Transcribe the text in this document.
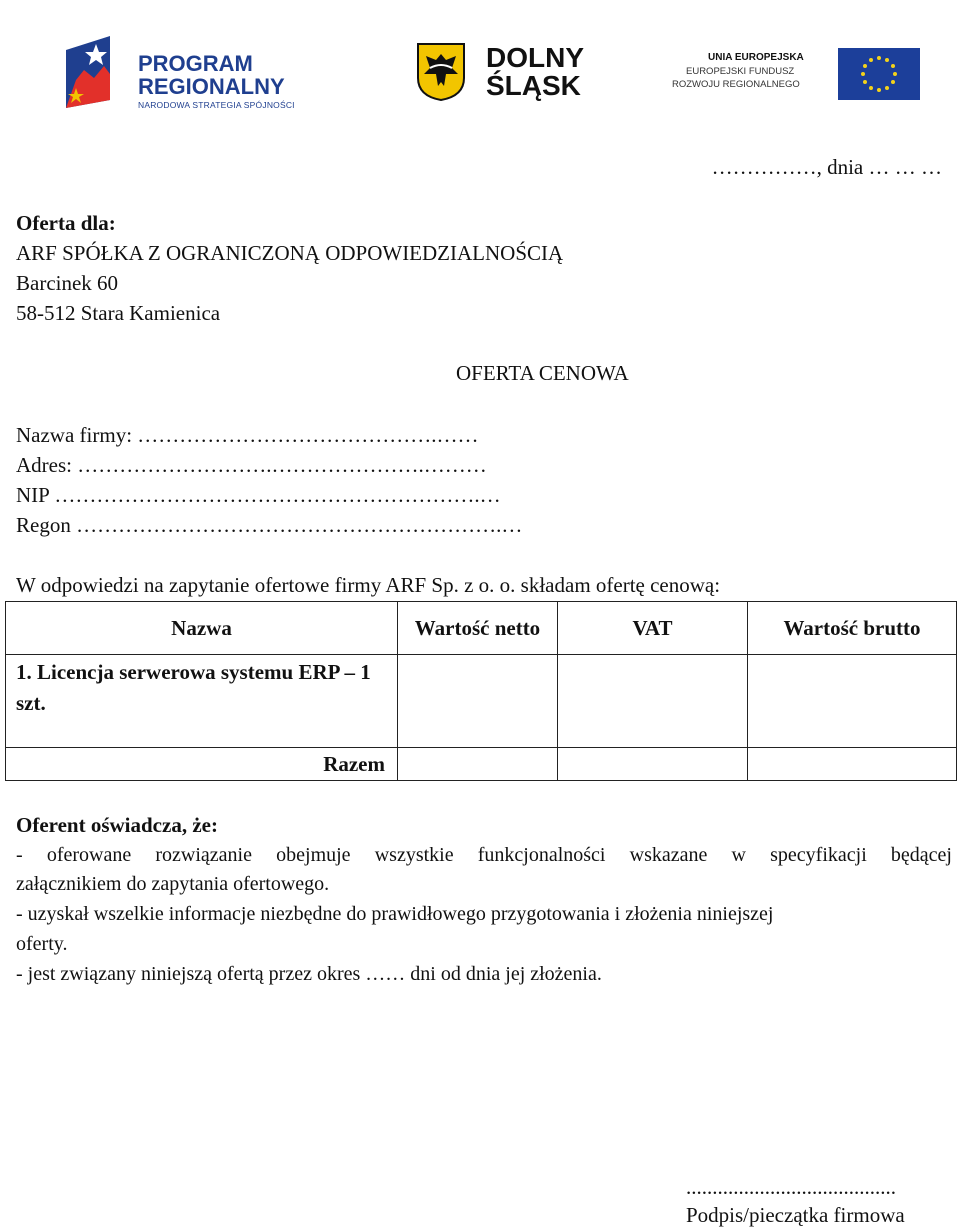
PROGRAM
REGIONALNY
NARODOWA STRATEGIA SPÓJNOŚCI
DOLNY
ŚLĄSK
UNIA EUROPEJSKA
EUROPEJSKI FUNDUSZ
ROZWOJU REGIONALNEGO
……………, dnia … … …
Oferta dla:
ARF SPÓŁKA Z OGRANICZONĄ ODPOWIEDZIALNOŚCIĄ
Barcinek 60
58-512 Stara Kamienica
OFERTA CENOWA
Nazwa firmy: …………………………………….……
Adres: ……………………….………………….………
NIP …………………………………………………….…
Regon …………………………………………………….…
W odpowiedzi na zapytanie ofertowe firmy ARF Sp. z o. o. składam ofertę cenową:
Nazwa	Wartość netto	VAT	Wartość brutto
1. Licencja serwerowa systemu ERP – 1 szt.			
Razem			
Oferent oświadcza, że:
- oferowane rozwiązanie obejmuje wszystkie funkcjonalności wskazane w specyfikacji będącej
załącznikiem do zapytania ofertowego.
- uzyskał wszelkie informacje niezbędne do prawidłowego przygotowania i złożenia niniejszej
oferty.
- jest związany niniejszą ofertą przez okres …… dni od dnia jej złożenia.
........................................
Podpis/pieczątka firmowa
